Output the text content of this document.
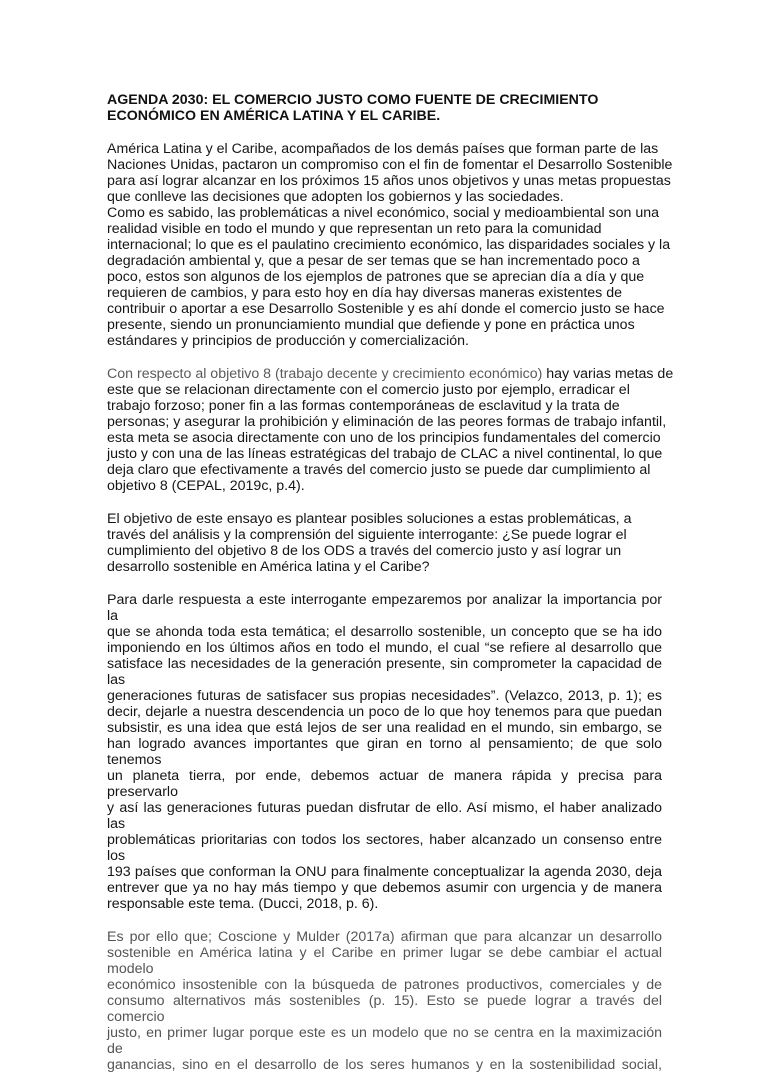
AGENDA 2030: EL COMERCIO JUSTO COMO FUENTE DE CRECIMIENTO
ECONÓMICO EN AMÉRICA LATINA Y EL CARIBE.
América Latina y el Caribe, acompañados de los demás países que forman parte de las
Naciones Unidas, pactaron un compromiso con el fin de fomentar el Desarrollo Sostenible
para así lograr alcanzar en los próximos 15 años unos objetivos y unas metas propuestas
que conlleve las decisiones que adopten los gobiernos y las sociedades.
Como es sabido, las problemáticas a nivel económico, social y medioambiental son una
realidad visible en todo el mundo y que representan un reto para la comunidad
internacional; lo que es el paulatino crecimiento económico, las disparidades sociales y la
degradación ambiental y, que a pesar de ser temas que se han incrementado poco a
poco, estos son algunos de los ejemplos de patrones que se aprecian día a día y que
requieren de cambios, y para esto hoy en día hay diversas maneras existentes de
contribuir o aportar a ese Desarrollo Sostenible y es ahí donde el comercio justo se hace
presente, siendo un pronunciamiento mundial que defiende y pone en práctica unos
estándares y principios de producción y comercialización.
Con respecto al objetivo 8 (trabajo decente y crecimiento económico) hay varias metas de
este que se relacionan directamente con el comercio justo por ejemplo, erradicar el
trabajo forzoso; poner fin a las formas contemporáneas de esclavitud y la trata de
personas; y asegurar la prohibición y eliminación de las peores formas de trabajo infantil,
esta meta se asocia directamente con uno de los principios fundamentales del comercio
justo y con una de las líneas estratégicas del trabajo de CLAC a nivel continental, lo que
deja claro que efectivamente a través del comercio justo se puede dar cumplimiento al
objetivo 8 (CEPAL, 2019c, p.4).
El objetivo de este ensayo es plantear posibles soluciones a estas problemáticas, a
través del análisis y la comprensión del siguiente interrogante: ¿Se puede lograr el
cumplimiento del objetivo 8 de los ODS a través del comercio justo y así lograr un
desarrollo sostenible en América latina y el Caribe?
Para darle respuesta a este interrogante empezaremos por analizar la importancia por la
que se ahonda toda esta temática; el desarrollo sostenible, un concepto que se ha ido
imponiendo en los últimos años en todo el mundo, el cual “se refiere al desarrollo que
satisface las necesidades de la generación presente, sin comprometer la capacidad de las
generaciones futuras de satisfacer sus propias necesidades”. (Velazco, 2013, p. 1); es
decir, dejarle a nuestra descendencia un poco de lo que hoy tenemos para que puedan
subsistir, es una idea que está lejos de ser una realidad en el mundo, sin embargo, se
han logrado avances importantes que giran en torno al pensamiento; de que solo tenemos
un planeta tierra, por ende, debemos actuar de manera rápida y precisa para preservarlo
y así las generaciones futuras puedan disfrutar de ello. Así mismo, el haber analizado las
problemáticas prioritarias con todos los sectores, haber alcanzado un consenso entre los
193 países que conforman la ONU para finalmente conceptualizar la agenda 2030, deja
entrever que ya no hay más tiempo y que debemos asumir con urgencia y de manera
responsable este tema. (Ducci, 2018, p. 6).
Es por ello que; Coscione y Mulder (2017a) afirman que para alcanzar un desarrollo
sostenible en América latina y el Caribe en primer lugar se debe cambiar el actual modelo
económico insostenible con la búsqueda de patrones productivos, comerciales y de
consumo alternativos más sostenibles (p. 15). Esto se puede lograr a través del comercio
justo, en primer lugar porque este es un modelo que no se centra en la maximización de
ganancias, sino en el desarrollo de los seres humanos y en la sostenibilidad social,
